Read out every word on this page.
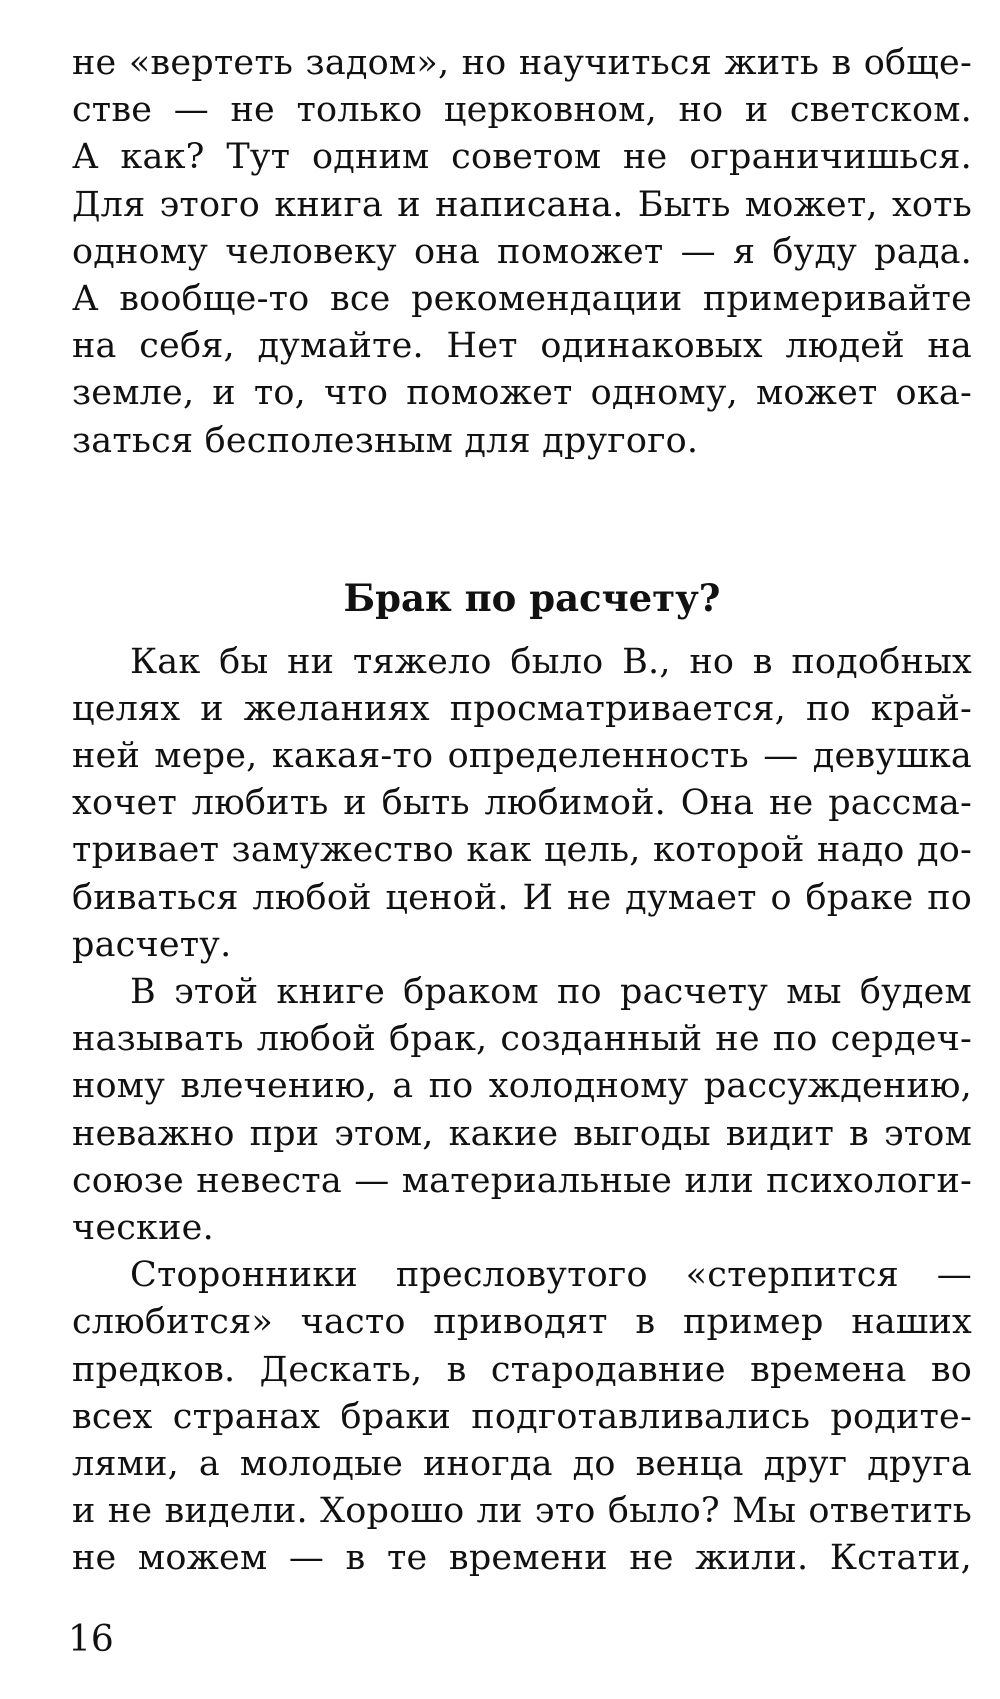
не «вертеть задом», но научиться жить в обще-
стве — не только церковном, но и светском.
А как? Тут одним советом не ограничишься.
Для этого книга и написана. Быть может, хоть
одному человеку она поможет — я буду рада.
А вообще-то все рекомендации примеривайте
на себя, думайте. Нет одинаковых людей на
земле, и то, что поможет одному, может ока-
заться бесполезным для другого.
Брак по расчету?
Как бы ни тяжело было В., но в подобных
целях и желаниях просматривается, по край-
ней мере, какая-то определенность — девушка
хочет любить и быть любимой. Она не рассма-
тривает замужество как цель, которой надо до-
биваться любой ценой. И не думает о браке по
расчету.
В этой книге браком по расчету мы будем
называть любой брак, созданный не по сердеч-
ному влечению, а по холодному рассуждению,
неважно при этом, какие выгоды видит в этом
союзе невеста — материальные или психологи-
ческие.
Сторонники пресловутого «стерпится —
слюбится» часто приводят в пример наших
предков. Дескать, в стародавние времена во
всех странах браки подготавливались родите-
лями, а молодые иногда до венца друг друга
и не видели. Хорошо ли это было? Мы ответить
не можем — в те времени не жили. Кстати,
16
